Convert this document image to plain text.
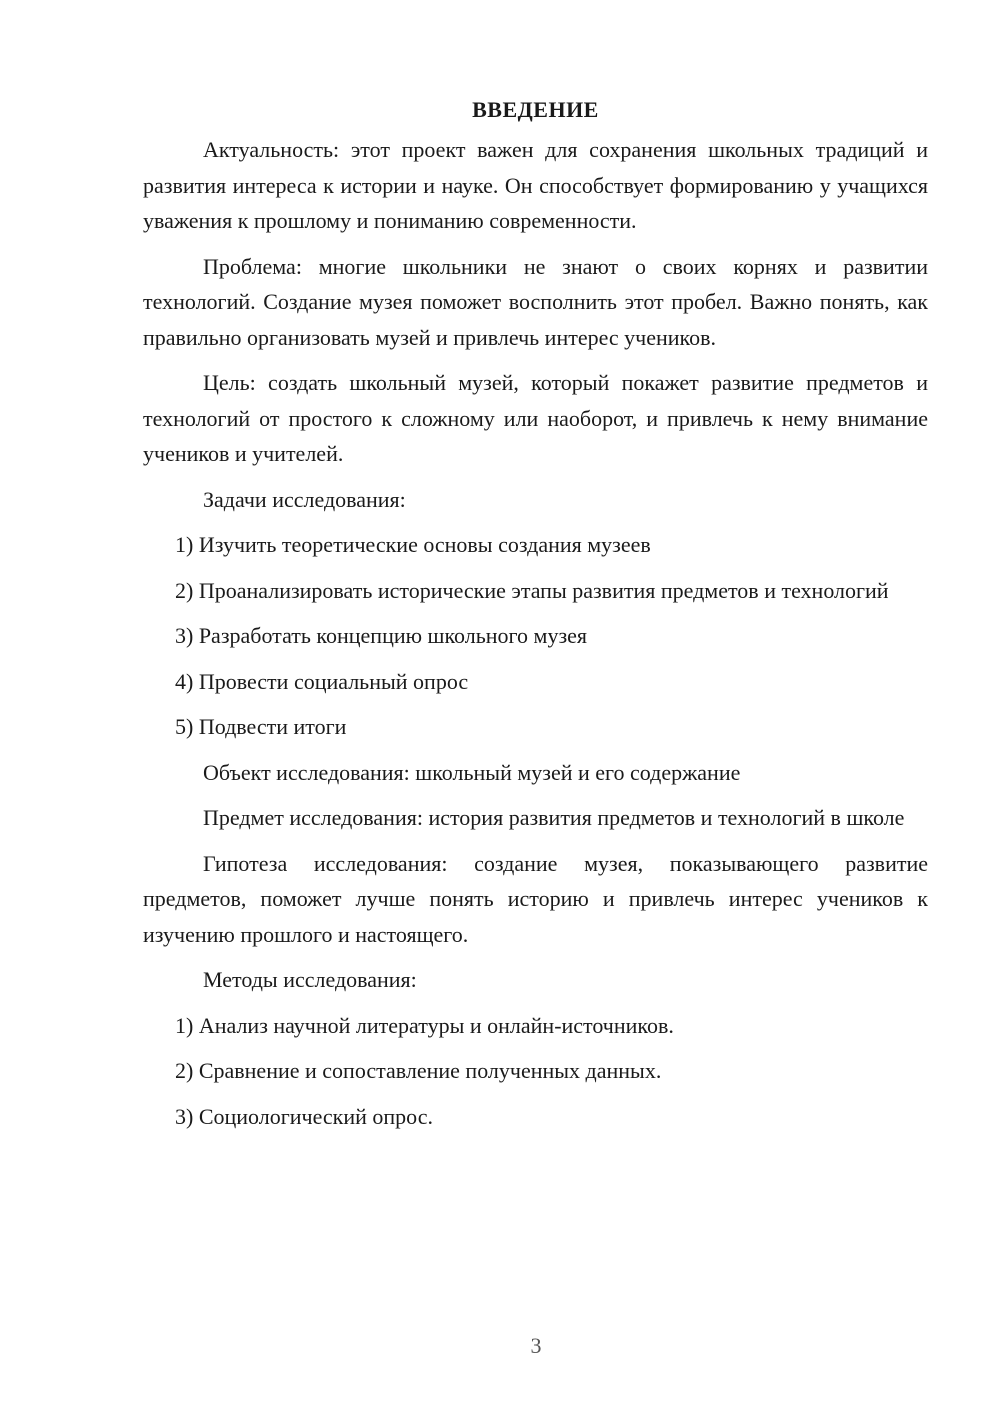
ВВЕДЕНИЕ
Актуальность: этот проект важен для сохранения школьных традиций и развития интереса к истории и науке. Он способствует формированию у учащихся уважения к прошлому и пониманию современности.
Проблема: многие школьники не знают о своих корнях и развитии технологий. Создание музея поможет восполнить этот пробел. Важно понять, как правильно организовать музей и привлечь интерес учеников.
Цель: создать школьный музей, который покажет развитие предметов и технологий от простого к сложному или наоборот, и привлечь к нему внимание учеников и учителей.
Задачи исследования:
1) Изучить теоретические основы создания музеев
2) Проанализировать исторические этапы развития предметов и технологий
3) Разработать концепцию школьного музея
4) Провести социальный опрос
5) Подвести итоги
Объект исследования: школьный музей и его содержание
Предмет исследования: история развития предметов и технологий в школе
Гипотеза исследования: создание музея, показывающего развитие предметов, поможет лучше понять историю и привлечь интерес учеников к изучению прошлого и настоящего.
Методы исследования:
1) Анализ научной литературы и онлайн-источников.
2) Сравнение и сопоставление полученных данных.
3) Социологический опрос.
3
